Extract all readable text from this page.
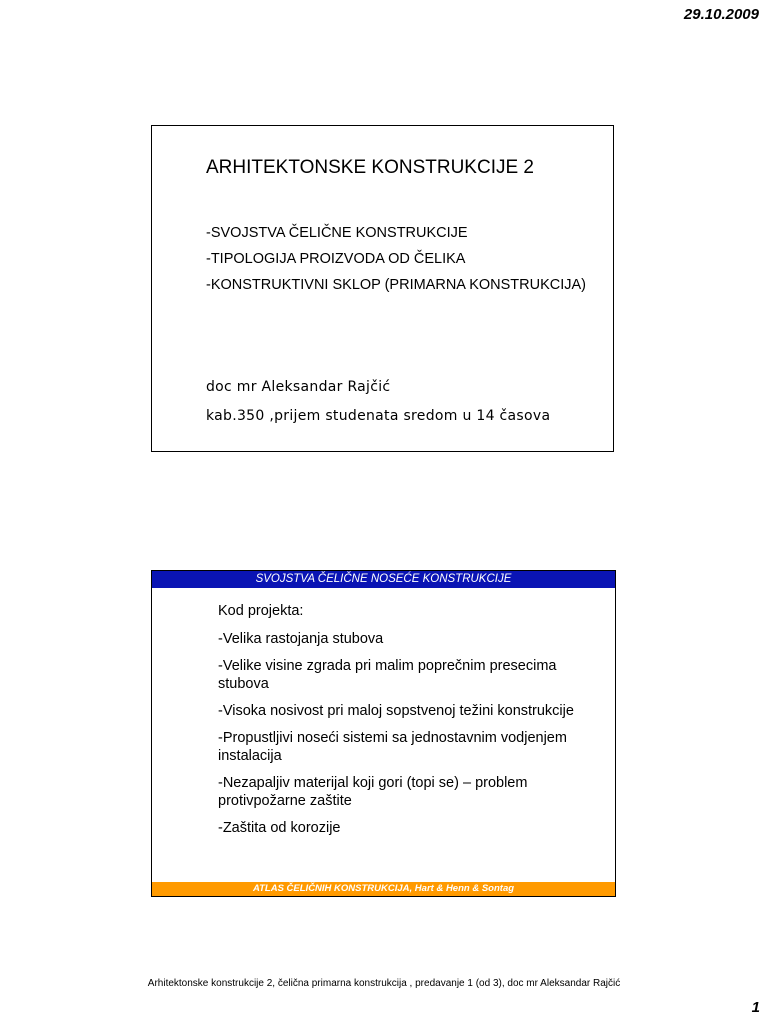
29.10.2009
ARHITEKTONSKE KONSTRUKCIJE 2
-SVOJSTVA ČELIČNE KONSTRUKCIJE
-TIPOLOGIJA PROIZVODA OD ČELIKA
-KONSTRUKTIVNI SKLOP (PRIMARNA KONSTRUKCIJA)
doc mr Aleksandar Rajčić
kab.350 ,prijem studenata sredom u 14 časova
SVOJSTVA ČELIČNE NOSEĆE KONSTRUKCIJE
Kod projekta:
-Velika rastojanja stubova
-Velike visine zgrada pri malim poprečnim presecima stubova
-Visoka nosivost pri maloj sopstvenoj težini konstrukcije
-Propustljivi noseći sistemi sa jednostavnim vodjenjem instalacija
-Nezapaljiv materijal koji gori (topi se) – problem protivpožarne zaštite
-Zaštita od korozije
ATLAS ČELIČNIH KONSTRUKCIJA, Hart & Henn & Sontag
Arhitektonske konstrukcije 2, čelična primarna konstrukcija , predavanje 1 (od 3), doc mr Aleksandar Rajčić
1
